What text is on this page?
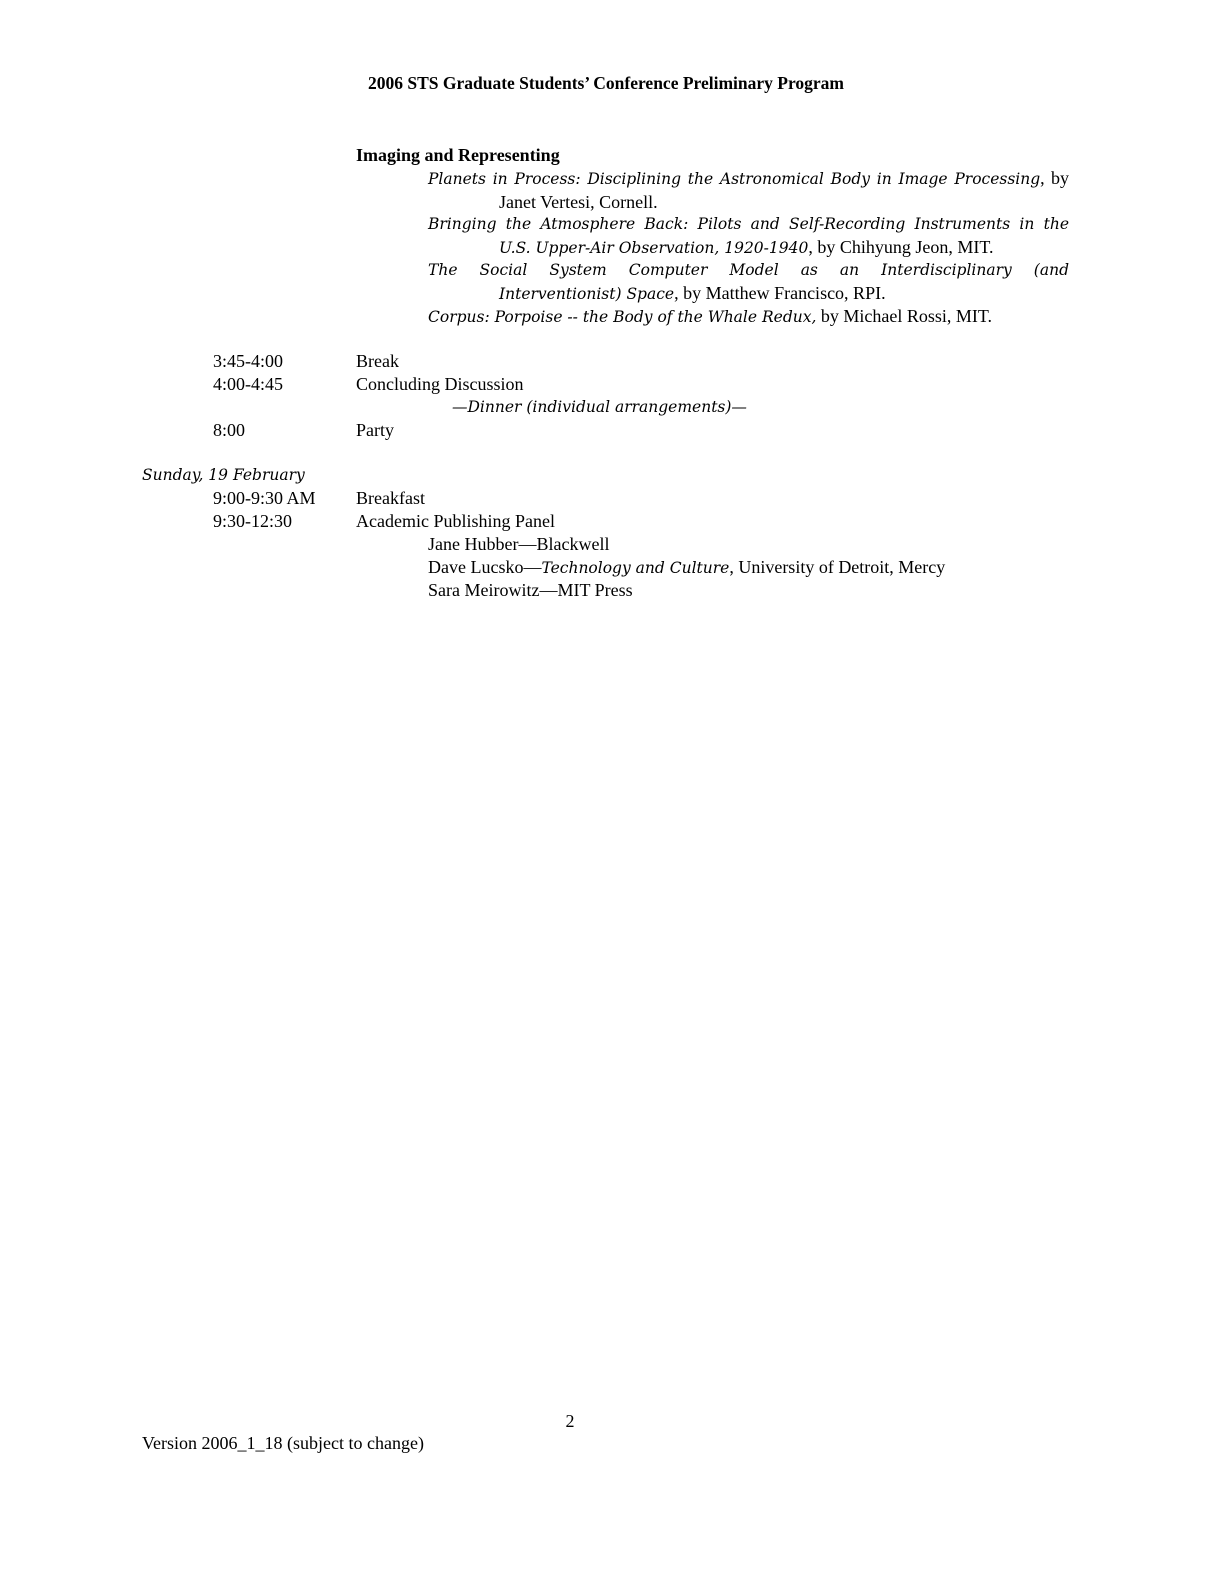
2006 STS Graduate Students’ Conference Preliminary Program
Imaging and Representing
Planets in Process: Disciplining the Astronomical Body in Image Processing, by
Janet Vertesi, Cornell.
Bringing the Atmosphere Back: Pilots and Self-Recording Instruments in the
U.S. Upper-Air Observation, 1920-1940, by Chihyung Jeon, MIT.
The Social System Computer Model as an Interdisciplinary (and
Interventionist) Space, by Matthew Francisco, RPI.
Corpus: Porpoise -- the Body of the Whale Redux, by Michael Rossi, MIT.
3:45-4:00	Break
4:00-4:45	Concluding Discussion
—Dinner (individual arrangements)—
8:00	Party
Sunday, 19 February
9:00-9:30 AM Breakfast
9:30-12:30	Academic Publishing Panel
Jane Hubber—Blackwell
Dave Lucsko—Technology and Culture, University of Detroit, Mercy
Sara Meirowitz—MIT Press
2
Version 2006_1_18 (subject to change)
